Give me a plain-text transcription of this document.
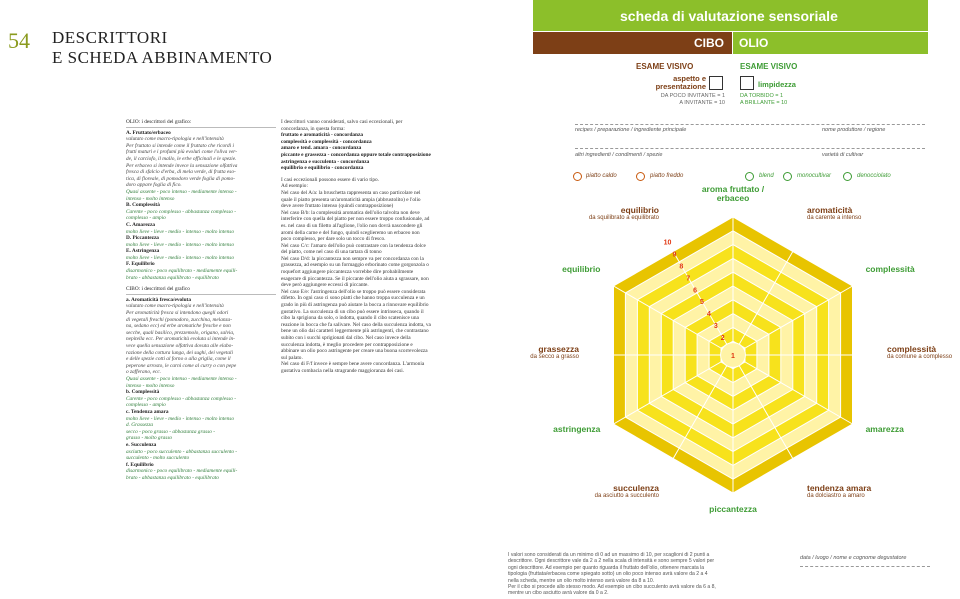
54 DESCRITTORI
E SCHEDA ABBINAMENTO

OLIO: i descrittori del grafico:

A. Fruttato/erbaceo

valutato come macro-tipologia e nell'intensità

Per fruttato si intende come il fruttato che ricordi i

frutti maturi e i profumi più evoluti come l'oliva ver-

de, il carciofo, il mallo, le erbe officinali e le spezie.

Per erbaceo si intende invece la sensazione olfattiva

fresca di sfalcio d'erba, di mela verde, di frutta eso-

tica, di floreale, di pomodoro verde foglia di pomo-

doro appare foglia di fico.

Quasi assente - poco intenso - mediamente intenso -

intenso - molto intenso

B. Complessità

Carente - poco complesso - abbastanza complesso -

complesso - ampio

C. Amarezza

molto lieve - lieve - medio - intenso - molto intenso

D. Piccantezza

molto lieve - lieve - medio - intenso - molto intenso

E. Astringenza

molto lieve - lieve - medio - intenso - molto intenso

F. Equilibrio

disarmonico - poco equilibrato - mediamente equili-

brato - abbastanza equilibrato - equilibrato

CIBO: i descrittori del grafico

a. Aromaticità fresca/evoluta

valutato come macro-tipologia e nell'intensità

Per aromaticità fresca si intendono quegli odori

di vegetali freschi (pomodoro, zucchina, melanza-

na, sedano ecc) ed erbe aromatiche fresche e non

secche, quali basilico, prezzemolo, origano, salvia,

nepitella ecc. Per aromaticità evoluta si intende in-

vece quella sensazione olfattiva dovuta alle elabo-

razione della cottura lunga, dei sughi, dei vegetali

e delle spezie cotti al forno o alla griglia, come il

peperone arrosto, le carni come al curry o con pepe

o zafferano, ecc.

Quasi assente - poco intenso - mediamente intenso -

intenso - molto intenso

b. Complessità

Carente - poco complesso - abbastanza complesso -

complesso - ampio

c. Tendenza amara

molto lieve - lieve - medio - intenso - molto intenso

d. Grassezza

secco - poco grasso - abbastanza grasso -

grasso - molto grasso

e. Succulenza

asciutto - poco succulento - abbastanza succulento -

succulento - molto succulento

f. Equilibrio

disarmonico - poco equilibrato - mediamente equili-

brato - abbastanza equilibrato - equilibrato

I descrittori vanno considerati, salvo casi eccezionali, per concordanza, in questa forma:

fruttato e aromaticità - concordanza

complessità e complessità - concordanza

amaro e tend. amara - concordanza

piccante e grassezza - concordanza oppure totale contrapposizione

astringenza e succulenta - concordanza

equilibrio e equilibrio - concordanza

I casi eccezionali possono essere di vario tipo.

Ad esempio:

Nel caso del A/a: la bruschetta rappresenta un caso particolare nel quale il piatto presenta un'aromaticità ampia (abbrustolito) e l'olio deve avere fruttato intenso (quindi contrapposizione)

Nel caso B/b: la complessità aromatica dell'olio talvolta non deve interferire con quella del piatto per non essere troppo confusionale, ad es. nel caso di un filetto all'aglione, l'olio non dovrà nascondere gli aromi della carne e del fungo, quindi sceglieremo un erbaceo non poco complesso, per dare solo un tocco di fresco.

Nel caso C/c: l'amaro dell'olio può contrastare con la tendenza dolce del piatto, come nel caso di una tartara di tonno

Nel caso D/d: la piccantezza non sempre va per concordanza con la grassezza, ad esempio su un formaggio erborinato come gorgonzola o roquefort aggiungere piccantezza vorrebbe dire probabilmente esagerare di piccantezza. Se il piccante dell'olio aiuta a sgrassare, non deve però aggiungere eccessi di piccante.

Nel caso E/e: l'astringenza dell'olio se troppo può essere considerata difetto. In ogni caso ci sono piatti che hanno troppa succulenza e un grado in più di astringenza può aiutare la bocca a rinnovare equilibrio gustativo. La succulenza di un cibo può essere intrinseca, quando il cibo la sprigiona da solo, o indotta, quando il cibo scatenisce una reazione in bocca che fa salivare. Nel caso della succulenza indotta, va bene un olio dai caratteri leggermente più astringenti, che contrastano subito con i succhi sprigionati dal cibo. Nel caso invece della succulenza indotta, è meglio procedere per contrapposizione e abbinare un olio poco astringente per creare una buona scorrevolezza sul palato.

Nel caso di F/f invece è sempre bene avere concordanza. L'armonia gustativa combacia nella stragrande maggioranza dei casi.

scheda di valutazione sensoriale
CIBO OLIO
ESAME VISIVO
aspetto e presentazione
DA POCO INVITANTE = 1
A INVITANTE = 10
ESAME VISIVO
limpidezza
DA TORBIDO = 1
A BRILLANTE = 10
recipes / preparazione / ingrediente principale	nome produttore / regione
altri ingredienti / condimenti / spezie	varietà di cultivar
piatto caldo	piatto freddo	blend	monocultivar	denocciolato
1
2
3
4
5
6
7
8
9
10
aroma fruttato / erbaceo
aromaticità
da carente a intenso
complessità
complessità
da comune a complesso
amarezza
tendenza amara
da dolciastro a amaro
piccantezza
succulenza
da asciutto a succulento
astringenza
grassezza
da secco a grasso
equilibrio
equilibrio
da squilibrato a equilibrato
I valori sono considerati da un minimo di 0 ad un massimo di 10, per scaglioni di 2 punti a
descrittore. Ogni descrittore vale da 2 a 2 nella scala di intensità e sono sempre 5 valori per
ogni descrittore. Ad esempio per quanto riguarda il fruttato dell'olio, ottenere marcata la
tipologia (fruttata/erbacea come spiegato sotto) un olio poco intenso avrà valore da 2 a 4
nella scheda, mentre un olio molto intenso avrà valore da 8 a 10.
Per il cibo si procede allo stesso modo. Ad esempio un cibo succulento avrà valore da 6 a 8,
mentre un cibo asciutto avrà valore da 0 a 2.
data / luogo / nome e cognome degustatore
